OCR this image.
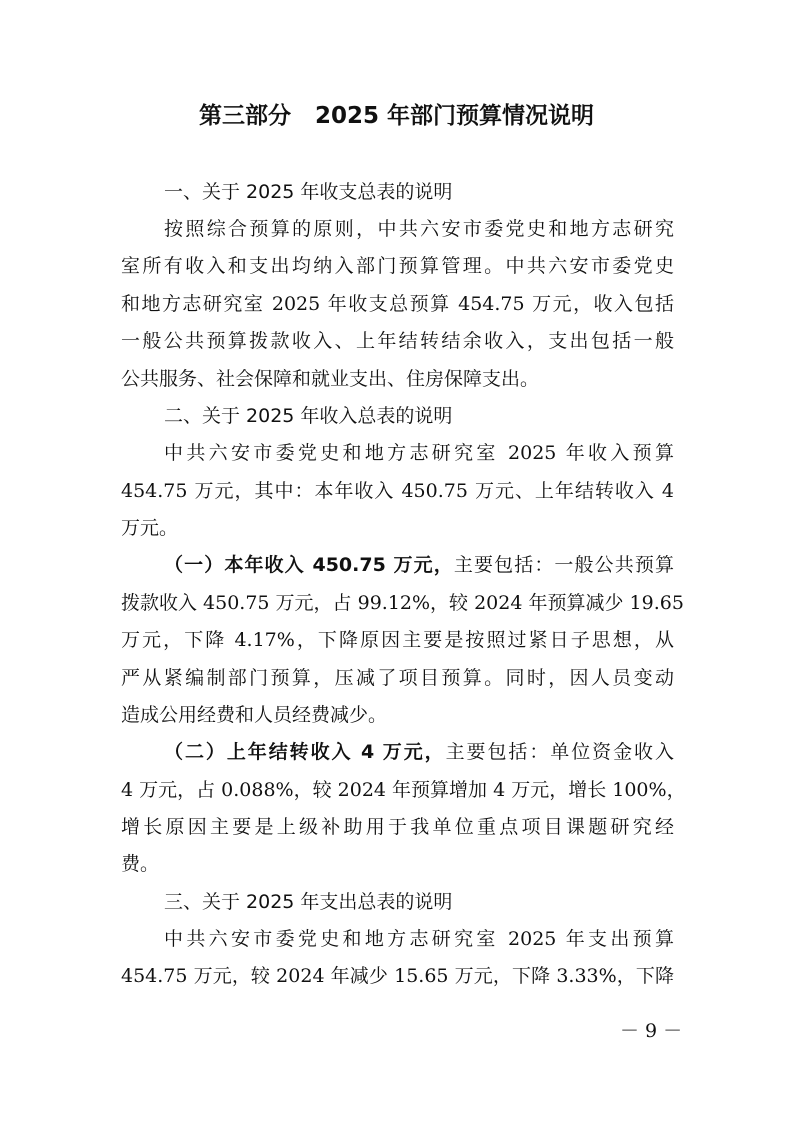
第三部分 2025 年部门预算情况说明
一、关于 2025 年收支总表的说明
按照综合预算的原则，中共六安市委党史和地方志研究
室所有收入和支出均纳入部门预算管理。中共六安市委党史
和地方志研究室 2025 年收支总预算 454.75 万元，收入包括
一般公共预算拨款收入、上年结转结余收入，支出包括一般
公共服务、社会保障和就业支出、住房保障支出。
二、关于 2025 年收入总表的说明
中共六安市委党史和地方志研究室 2025 年收入预算
454.75 万元，其中：本年收入 450.75 万元、上年结转收入 4
万元。
（一）本年收入 450.75 万元，主要包括：一般公共预算
拨款收入 450.75 万元，占 99.12%，较 2024 年预算减少 19.65
万元，下降 4.17%，下降原因主要是按照过紧日子思想，从
严从紧编制部门预算，压减了项目预算。同时，因人员变动
造成公用经费和人员经费减少。
（二）上年结转收入 4 万元，主要包括：单位资金收入
4 万元，占 0.088%，较 2024 年预算增加 4 万元，增长 100%，
增长原因主要是上级补助用于我单位重点项目课题研究经
费。
三、关于 2025 年支出总表的说明
中共六安市委党史和地方志研究室 2025 年支出预算
454.75 万元，较 2024 年减少 15.65 万元，下降 3.33%，下降
－ 9 －
